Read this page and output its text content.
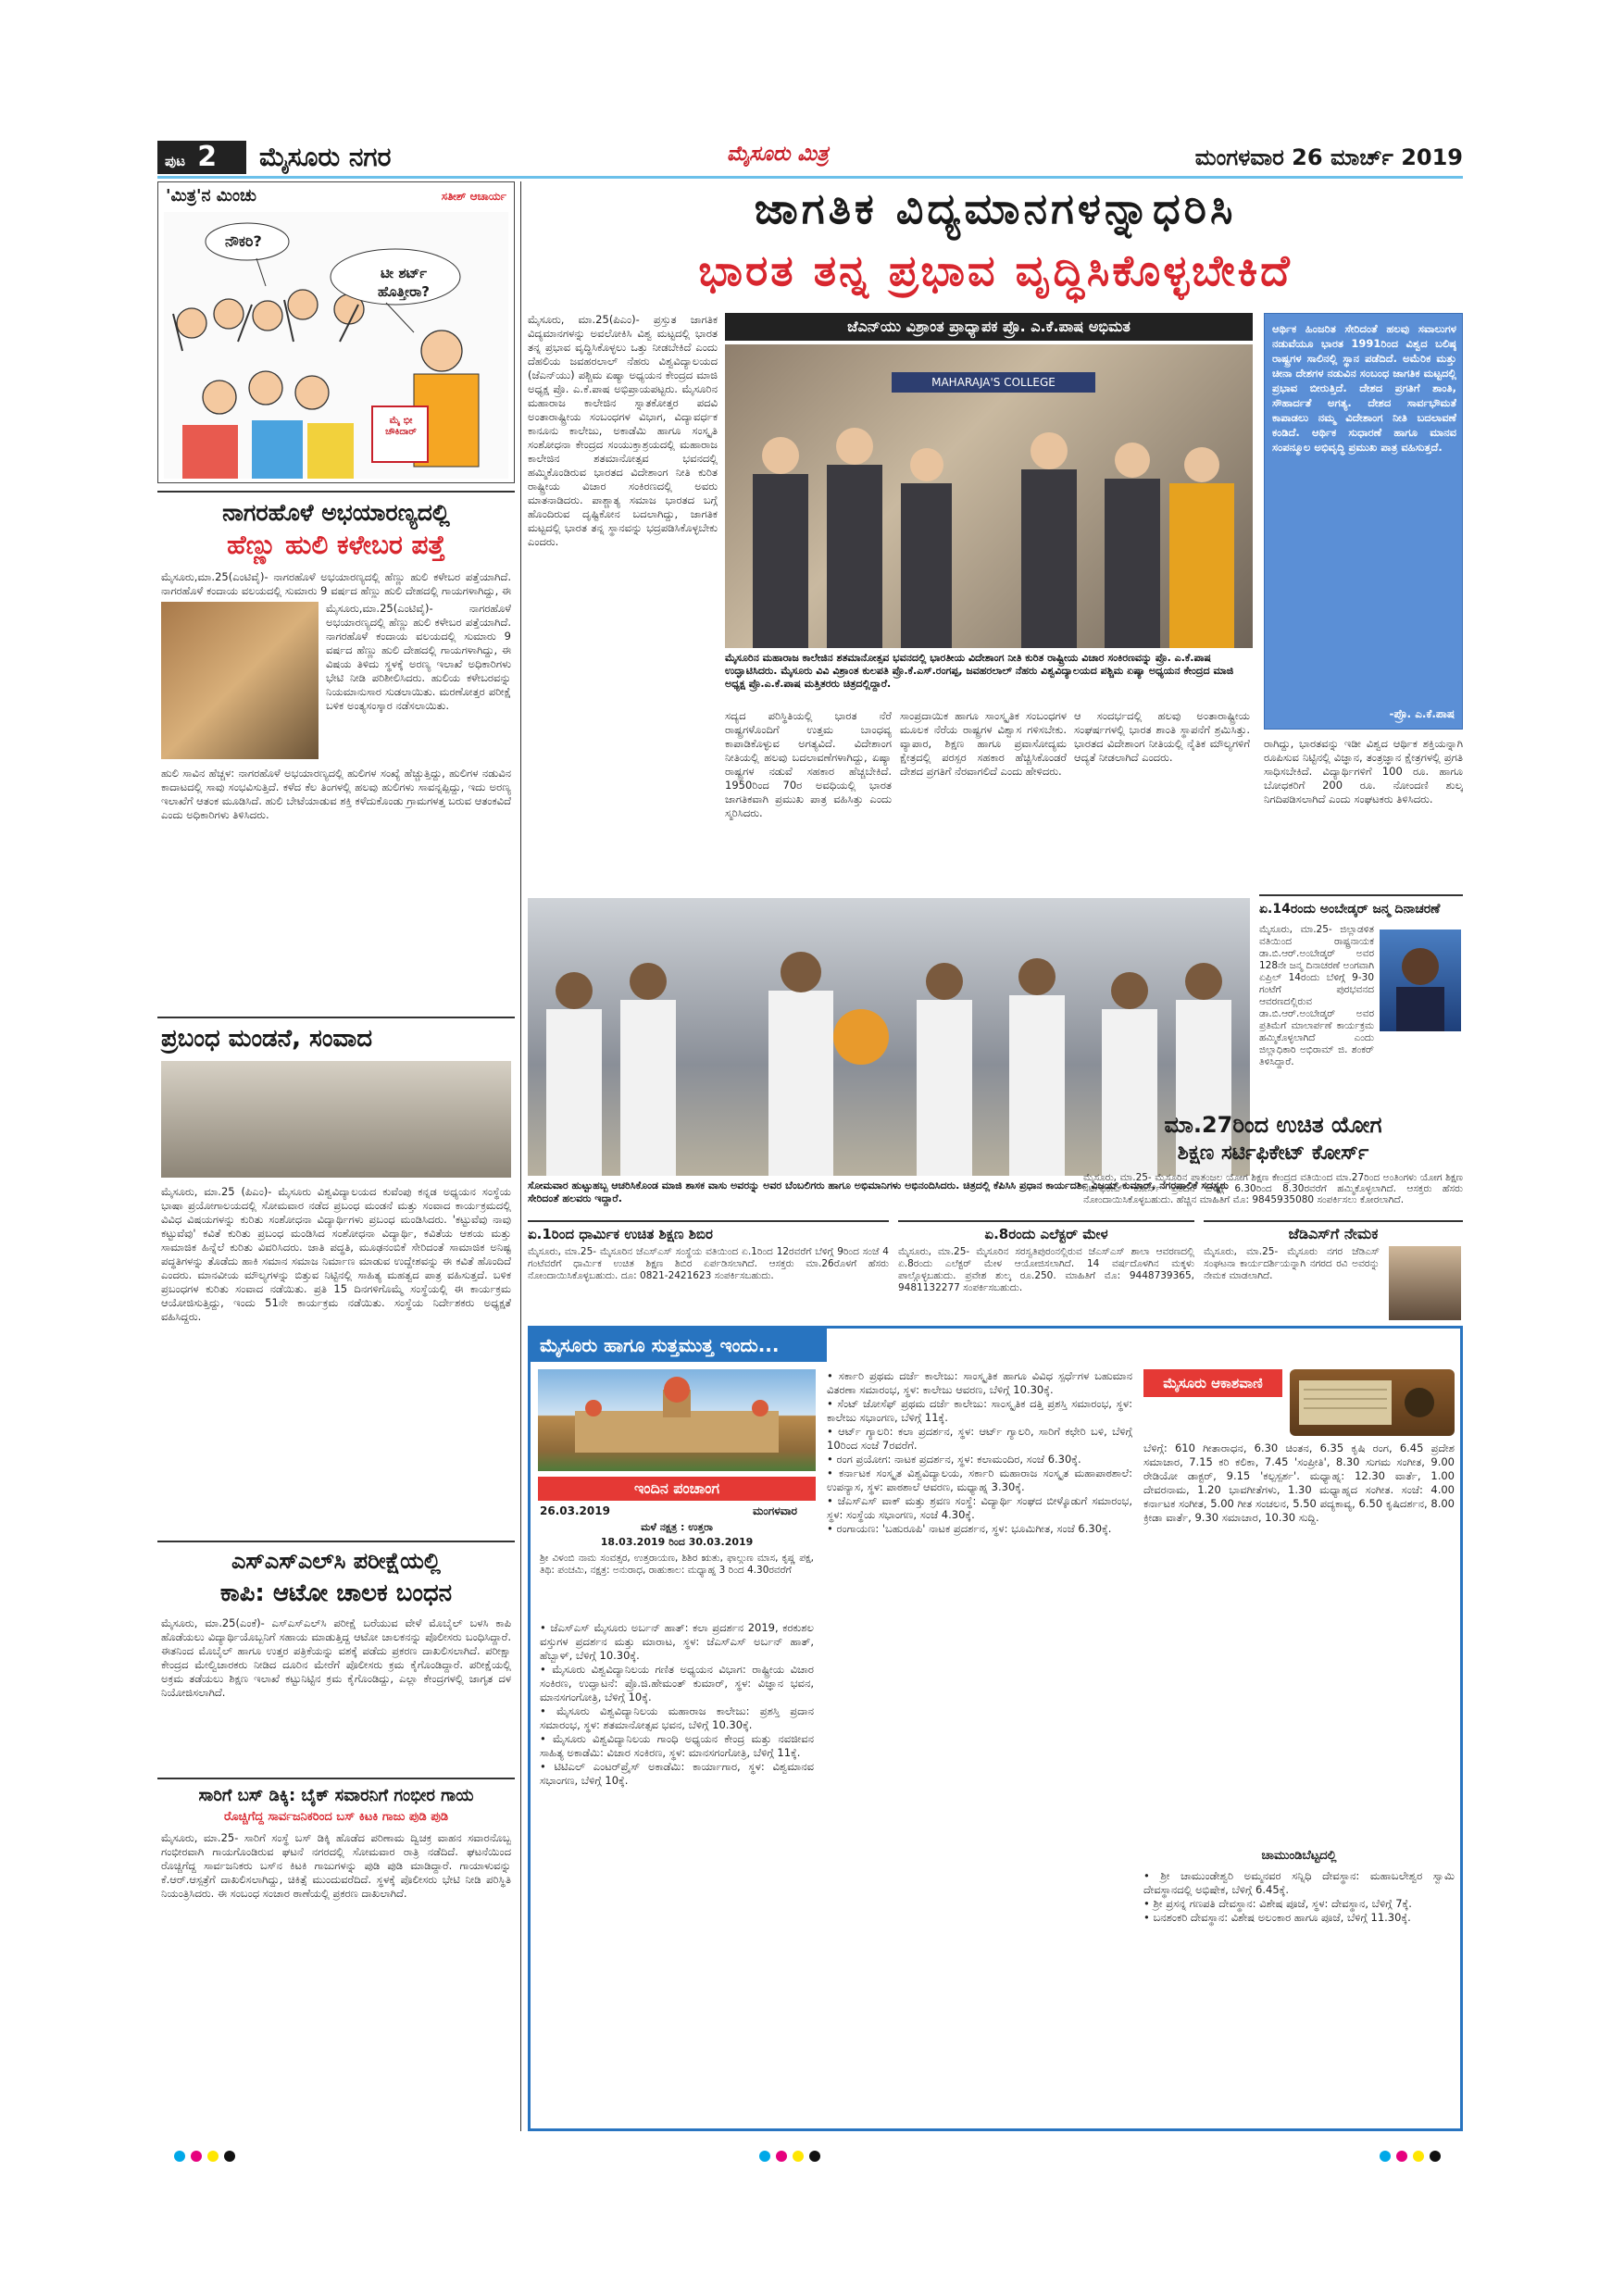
ಪುಟ 2	ಮೈಸೂರು ನಗರ	ಮೈಸೂರು ಮಿತ್ರ	ಮಂಗಳವಾರ 26 ಮಾರ್ಚ್ 2019
'ಮಿತ್ರ'ನ ಮಿಂಚು	ಸತೀಶ್ ಆಚಾರ್ಯ
ನೌಕರಿ?
ಟೀ ಶರ್ಟ್ ಹೊತ್ತೀರಾ?
ಮೈ ಭೀ ಚೌಕಿದಾರ್
ಜಾಗತಿಕ ವಿದ್ಯಮಾನಗಳನ್ನಾಧರಿಸಿ
ಭಾರತ ತನ್ನ ಪ್ರಭಾವ ವೃದ್ಧಿಸಿಕೊಳ್ಳಬೇಕಿದೆ
ಮೈಸೂರು, ಮಾ.25(ಪಿಎಂ)- ಪ್ರಸ್ತುತ ಜಾಗತಿಕ ವಿದ್ಯಮಾನಗಳನ್ನು ಅವಲೋಕಿಸಿ ವಿಶ್ವ ಮಟ್ಟದಲ್ಲಿ ಭಾರತ ತನ್ನ ಪ್ರಭಾವ ವೃದ್ಧಿಸಿಕೊಳ್ಳಲು ಒತ್ತು ನೀಡಬೇಕಿದೆ ಎಂದು ದೆಹಲಿಯ ಜವಹರಲಾಲ್ ನೆಹರು ವಿಶ್ವವಿದ್ಯಾಲಯದ (ಜೆಎನ್‌ಯು) ಪಶ್ಚಿಮ ಏಷ್ಯಾ ಅಧ್ಯಯನ ಕೇಂದ್ರದ ಮಾಜಿ ಅಧ್ಯಕ್ಷ ಪ್ರೊ. ಎ.ಕೆ.ಪಾಷ ಅಭಿಪ್ರಾಯಪಟ್ಟರು. ಮೈಸೂರಿನ ಮಹಾರಾಜ ಕಾಲೇಜಿನ ಸ್ನಾತಕೋತ್ತರ ಪದವಿ ಅಂತಾರಾಷ್ಟ್ರೀಯ ಸಂಬಂಧಗಳ ವಿಭಾಗ, ವಿದ್ಯಾವರ್ಧಕ ಕಾನೂನು ಕಾಲೇಜು, ಅಕಾಡೆಮಿ ಹಾಗೂ ಸಂಸ್ಕೃತಿ ಸಂಶೋಧನಾ ಕೇಂದ್ರದ ಸಂಯುಕ್ತಾಶ್ರಯದಲ್ಲಿ ಮಹಾರಾಜ ಕಾಲೇಜಿನ ಶತಮಾನೋತ್ಸವ ಭವನದಲ್ಲಿ ಹಮ್ಮಿಕೊಂಡಿರುವ ಭಾರತದ ವಿದೇಶಾಂಗ ನೀತಿ ಕುರಿತ ರಾಷ್ಟ್ರೀಯ ವಿಚಾರ ಸಂಕಿರಣದಲ್ಲಿ ಅವರು ಮಾತನಾಡಿದರು. ಪಾಶ್ಚಾತ್ಯ ಸಮಾಜ ಭಾರತದ ಬಗ್ಗೆ ಹೊಂದಿರುವ ದೃಷ್ಟಿಕೋನ ಬದಲಾಗಿದ್ದು, ಜಾಗತಿಕ ಮಟ್ಟದಲ್ಲಿ ಭಾರತ ತನ್ನ ಸ್ಥಾನವನ್ನು ಭದ್ರಪಡಿಸಿಕೊಳ್ಳಬೇಕು ಎಂದರು.
ಜೆಎನ್‌ಯು ವಿಶ್ರಾಂತ ಪ್ರಾಧ್ಯಾಪಕ ಪ್ರೊ. ಎ.ಕೆ.ಪಾಷ ಅಭಿಮತ
MAHARAJA'S COLLEGE
ಮೈಸೂರಿನ ಮಹಾರಾಜ ಕಾಲೇಜಿನ ಶತಮಾನೋತ್ಸವ ಭವನದಲ್ಲಿ ಭಾರತೀಯ ವಿದೇಶಾಂಗ ನೀತಿ ಕುರಿತ ರಾಷ್ಟ್ರೀಯ ವಿಚಾರ ಸಂಕಿರಣವನ್ನು ಪ್ರೊ. ಎ.ಕೆ.ಪಾಷ ಉದ್ಘಾಟಿಸಿದರು. ಮೈಸೂರು ವಿವಿ ವಿಶ್ರಾಂತ ಕುಲಪತಿ ಪ್ರೊ.ಕೆ.ಎಸ್.ರಂಗಪ್ಪ, ಜವಹರಲಾಲ್ ನೆಹರು ವಿಶ್ವವಿದ್ಯಾಲಯದ ಪಶ್ಚಿಮ ಏಷ್ಯಾ ಅಧ್ಯಯನ ಕೇಂದ್ರದ ಮಾಜಿ ಅಧ್ಯಕ್ಷ ಪ್ರೊ.ಎ.ಕೆ.ಪಾಷ ಮತ್ತಿತರರು ಚಿತ್ರದಲ್ಲಿದ್ದಾರೆ.
ಆರ್ಥಿಕ ಹಿಂಜರಿತ ಸೇರಿದಂತೆ ಹಲವು ಸವಾಲುಗಳ ನಡುವೆಯೂ ಭಾರತ 1991ರಿಂದ ವಿಶ್ವದ ಬಲಿಷ್ಠ ರಾಷ್ಟ್ರಗಳ ಸಾಲಿನಲ್ಲಿ ಸ್ಥಾನ ಪಡೆದಿದೆ. ಅಮೆರಿಕ ಮತ್ತು ಚೀನಾ ದೇಶಗಳ ನಡುವಿನ ಸಂಬಂಧ ಜಾಗತಿಕ ಮಟ್ಟದಲ್ಲಿ ಪ್ರಭಾವ ಬೀರುತ್ತಿದೆ. ದೇಶದ ಪ್ರಗತಿಗೆ ಶಾಂತಿ, ಸೌಹಾರ್ದತೆ ಅಗತ್ಯ. ದೇಶದ ಸಾರ್ವಭೌಮತೆ ಕಾಪಾಡಲು ನಮ್ಮ ವಿದೇಶಾಂಗ ನೀತಿ ಬದಲಾವಣೆ ಕಂಡಿದೆ. ಆರ್ಥಿಕ ಸುಧಾರಣೆ ಹಾಗೂ ಮಾನವ ಸಂಪನ್ಮೂಲ ಅಭಿವೃದ್ಧಿ ಪ್ರಮುಖ ಪಾತ್ರ ವಹಿಸುತ್ತದೆ.
-ಪ್ರೊ. ಎ.ಕೆ.ಪಾಷ
ಸದ್ಯದ ಪರಿಸ್ಥಿತಿಯಲ್ಲಿ ಭಾರತ ನೆರೆ ರಾಷ್ಟ್ರಗಳೊಂದಿಗೆ ಉತ್ತಮ ಬಾಂಧವ್ಯ ಕಾಪಾಡಿಕೊಳ್ಳುವ ಅಗತ್ಯವಿದೆ. ವಿದೇಶಾಂಗ ನೀತಿಯಲ್ಲಿ ಹಲವು ಬದಲಾವಣೆಗಳಾಗಿದ್ದು, ಏಷ್ಯಾ ರಾಷ್ಟ್ರಗಳ ನಡುವೆ ಸಹಕಾರ ಹೆಚ್ಚಬೇಕಿದೆ. 1950ರಿಂದ 70ರ ಅವಧಿಯಲ್ಲಿ ಭಾರತ ಜಾಗತಿಕವಾಗಿ ಪ್ರಮುಖ ಪಾತ್ರ ವಹಿಸಿತ್ತು ಎಂದು ಸ್ಮರಿಸಿದರು.
ಸಾಂಪ್ರದಾಯಿಕ ಹಾಗೂ ಸಾಂಸ್ಕೃತಿಕ ಸಂಬಂಧಗಳ ಮೂಲಕ ನೆರೆಯ ರಾಷ್ಟ್ರಗಳ ವಿಶ್ವಾಸ ಗಳಿಸಬೇಕು. ವ್ಯಾಪಾರ, ಶಿಕ್ಷಣ ಹಾಗೂ ಪ್ರವಾಸೋದ್ಯಮ ಕ್ಷೇತ್ರದಲ್ಲಿ ಪರಸ್ಪರ ಸಹಕಾರ ಹೆಚ್ಚಿಸಿಕೊಂಡರೆ ದೇಶದ ಪ್ರಗತಿಗೆ ನೆರವಾಗಲಿದೆ ಎಂದು ಹೇಳಿದರು.
ಆ ಸಂದರ್ಭದಲ್ಲಿ ಹಲವು ಅಂತಾರಾಷ್ಟ್ರೀಯ ಸಂಘರ್ಷಗಳಲ್ಲಿ ಭಾರತ ಶಾಂತಿ ಸ್ಥಾಪನೆಗೆ ಶ್ರಮಿಸಿತ್ತು. ಭಾರತದ ವಿದೇಶಾಂಗ ನೀತಿಯಲ್ಲಿ ನೈತಿಕ ಮೌಲ್ಯಗಳಿಗೆ ಆದ್ಯತೆ ನೀಡಲಾಗಿದೆ ಎಂದರು.
ರಾಗಿದ್ದು, ಭಾರತವನ್ನು ಇಡೀ ವಿಶ್ವದ ಆರ್ಥಿಕ ಶಕ್ತಿಯನ್ನಾಗಿ ರೂಪಿಸುವ ನಿಟ್ಟಿನಲ್ಲಿ ವಿಜ್ಞಾನ, ತಂತ್ರಜ್ಞಾನ ಕ್ಷೇತ್ರಗಳಲ್ಲಿ ಪ್ರಗತಿ ಸಾಧಿಸಬೇಕಿದೆ. ವಿದ್ಯಾರ್ಥಿಗಳಿಗೆ 100 ರೂ. ಹಾಗೂ ಬೋಧಕರಿಗೆ 200 ರೂ. ನೋಂದಣಿ ಶುಲ್ಕ ನಿಗದಿಪಡಿಸಲಾಗಿದೆ ಎಂದು ಸಂಘಟಕರು ತಿಳಿಸಿದರು.
ನಾಗರಹೊಳೆ ಅಭಯಾರಣ್ಯದಲ್ಲಿ
ಹೆಣ್ಣು ಹುಲಿ ಕಳೇಬರ ಪತ್ತೆ
ಮೈಸೂರು,ಮಾ.25(ಎಂಟಿವೈ)- ನಾಗರಹೊಳೆ ಅಭಯಾರಣ್ಯದಲ್ಲಿ ಹೆಣ್ಣು ಹುಲಿ ಕಳೇಬರ ಪತ್ತೆಯಾಗಿದೆ. ನಾಗರಹೊಳೆ ಕಂದಾಯ ವಲಯದಲ್ಲಿ ಸುಮಾರು 9 ವರ್ಷದ ಹೆಣ್ಣು ಹುಲಿ ದೇಹದಲ್ಲಿ ಗಾಯಗಳಾಗಿದ್ದು, ಈ
ಮೈಸೂರು,ಮಾ.25(ಎಂಟಿವೈ)- ನಾಗರಹೊಳೆ ಅಭಯಾರಣ್ಯದಲ್ಲಿ ಹೆಣ್ಣು ಹುಲಿ ಕಳೇಬರ ಪತ್ತೆಯಾಗಿದೆ. ನಾಗರಹೊಳೆ ಕಂದಾಯ ವಲಯದಲ್ಲಿ ಸುಮಾರು 9 ವರ್ಷದ ಹೆಣ್ಣು ಹುಲಿ ದೇಹದಲ್ಲಿ ಗಾಯಗಳಾಗಿದ್ದು, ಈ ವಿಷಯ ತಿಳಿದು ಸ್ಥಳಕ್ಕೆ ಅರಣ್ಯ ಇಲಾಖೆ ಅಧಿಕಾರಿಗಳು ಭೇಟಿ ನೀಡಿ ಪರಿಶೀಲಿಸಿದರು. ಹುಲಿಯ ಕಳೇಬರವನ್ನು ನಿಯಮಾನುಸಾರ ಸುಡಲಾಯಿತು. ಮರಣೋತ್ತರ ಪರೀಕ್ಷೆ ಬಳಿಕ ಅಂತ್ಯಸಂಸ್ಕಾರ ನಡೆಸಲಾಯಿತು.
ಹುಲಿ ಸಾವಿನ ಹೆಚ್ಚಳ: ನಾಗರಹೊಳೆ ಅಭಯಾರಣ್ಯದಲ್ಲಿ ಹುಲಿಗಳ ಸಂಖ್ಯೆ ಹೆಚ್ಚುತ್ತಿದ್ದು, ಹುಲಿಗಳ ನಡುವಿನ ಕಾದಾಟದಲ್ಲಿ ಸಾವು ಸಂಭವಿಸುತ್ತಿದೆ. ಕಳೆದ ಕೆಲ ತಿಂಗಳಲ್ಲಿ ಹಲವು ಹುಲಿಗಳು ಸಾವನ್ನಪ್ಪಿದ್ದು, ಇದು ಅರಣ್ಯ ಇಲಾಖೆಗೆ ಆತಂಕ ಮೂಡಿಸಿದೆ. ಹುಲಿ ಬೇಟೆಯಾಡುವ ಶಕ್ತಿ ಕಳೆದುಕೊಂಡು ಗ್ರಾಮಗಳತ್ತ ಬರುವ ಆತಂಕವಿದೆ ಎಂದು ಅಧಿಕಾರಿಗಳು ತಿಳಿಸಿದರು.
ಪ್ರಬಂಧ ಮಂಡನೆ, ಸಂವಾದ
ಮೈಸೂರು, ಮಾ.25 (ಪಿಎಂ)- ಮೈಸೂರು ವಿಶ್ವವಿದ್ಯಾಲಯದ ಕುವೆಂಪು ಕನ್ನಡ ಅಧ್ಯಯನ ಸಂಸ್ಥೆಯ ಭಾಷಾ ಪ್ರಯೋಗಾಲಯದಲ್ಲಿ ಸೋಮವಾರ ನಡೆದ ಪ್ರಬಂಧ ಮಂಡನೆ ಮತ್ತು ಸಂವಾದ ಕಾರ್ಯಕ್ರಮದಲ್ಲಿ ವಿವಿಧ ವಿಷಯಗಳನ್ನು ಕುರಿತು ಸಂಶೋಧನಾ ವಿದ್ಯಾರ್ಥಿಗಳು ಪ್ರಬಂಧ ಮಂಡಿಸಿದರು. 'ಕಟ್ಟುವೆವು ನಾವು ಕಟ್ಟುವೆವು' ಕವಿತೆ ಕುರಿತು ಪ್ರಬಂಧ ಮಂಡಿಸಿದ ಸಂಶೋಧನಾ ವಿದ್ಯಾರ್ಥಿ, ಕವಿತೆಯ ಆಶಯ ಮತ್ತು ಸಾಮಾಜಿಕ ಹಿನ್ನೆಲೆ ಕುರಿತು ವಿವರಿಸಿದರು. ಜಾತಿ ಪದ್ಧತಿ, ಮೂಢನಂಬಿಕೆ ಸೇರಿದಂತೆ ಸಾಮಾಜಿಕ ಅನಿಷ್ಟ ಪದ್ಧತಿಗಳನ್ನು ತೊಡೆದು ಹಾಕಿ ಸಮಾನ ಸಮಾಜ ನಿರ್ಮಾಣ ಮಾಡುವ ಉದ್ದೇಶವನ್ನು ಈ ಕವಿತೆ ಹೊಂದಿದೆ ಎಂದರು. ಮಾನವೀಯ ಮೌಲ್ಯಗಳನ್ನು ಬಿತ್ತುವ ನಿಟ್ಟಿನಲ್ಲಿ ಸಾಹಿತ್ಯ ಮಹತ್ವದ ಪಾತ್ರ ವಹಿಸುತ್ತದೆ. ಬಳಿಕ ಪ್ರಬಂಧಗಳ ಕುರಿತು ಸಂವಾದ ನಡೆಯಿತು. ಪ್ರತಿ 15 ದಿನಗಳಿಗೊಮ್ಮೆ ಸಂಸ್ಥೆಯಲ್ಲಿ ಈ ಕಾರ್ಯಕ್ರಮ ಆಯೋಜಿಸುತ್ತಿದ್ದು, ಇಂದು 51ನೇ ಕಾರ್ಯಕ್ರಮ ನಡೆಯಿತು. ಸಂಸ್ಥೆಯ ನಿರ್ದೇಶಕರು ಅಧ್ಯಕ್ಷತೆ ವಹಿಸಿದ್ದರು.
ಎಸ್‌ಎಸ್‌ಎಲ್‌ಸಿ ಪರೀಕ್ಷೆಯಲ್ಲಿ
ಕಾಪಿ: ಆಟೋ ಚಾಲಕ ಬಂಧನ
ಮೈಸೂರು, ಮಾ.25(ಎಂಕೆ)- ಎಸ್‌ಎಸ್‌ಎಲ್‌ಸಿ ಪರೀಕ್ಷೆ ಬರೆಯುವ ವೇಳೆ ಮೊಬೈಲ್ ಬಳಸಿ ಕಾಪಿ ಹೊಡೆಯಲು ವಿದ್ಯಾರ್ಥಿಯೊಬ್ಬನಿಗೆ ಸಹಾಯ ಮಾಡುತ್ತಿದ್ದ ಆಟೋ ಚಾಲಕನನ್ನು ಪೊಲೀಸರು ಬಂಧಿಸಿದ್ದಾರೆ. ಈತನಿಂದ ಮೊಬೈಲ್ ಹಾಗೂ ಉತ್ತರ ಪತ್ರಿಕೆಯನ್ನು ವಶಕ್ಕೆ ಪಡೆದು ಪ್ರಕರಣ ದಾಖಲಿಸಲಾಗಿದೆ. ಪರೀಕ್ಷಾ ಕೇಂದ್ರದ ಮೇಲ್ವಿಚಾರಕರು ನೀಡಿದ ದೂರಿನ ಮೇರೆಗೆ ಪೊಲೀಸರು ಕ್ರಮ ಕೈಗೊಂಡಿದ್ದಾರೆ. ಪರೀಕ್ಷೆಯಲ್ಲಿ ಅಕ್ರಮ ತಡೆಯಲು ಶಿಕ್ಷಣ ಇಲಾಖೆ ಕಟ್ಟುನಿಟ್ಟಿನ ಕ್ರಮ ಕೈಗೊಂಡಿದ್ದು, ಎಲ್ಲಾ ಕೇಂದ್ರಗಳಲ್ಲಿ ಜಾಗೃತ ದಳ ನಿಯೋಜಿಸಲಾಗಿದೆ.
ಸಾರಿಗೆ ಬಸ್ ಡಿಕ್ಕಿ: ಬೈಕ್ ಸವಾರನಿಗೆ ಗಂಭೀರ ಗಾಯ
ರೊಚ್ಚಿಗೆದ್ದ ಸಾರ್ವಜನಿಕರಿಂದ ಬಸ್ ಕಿಟಕಿ ಗಾಜು ಪುಡಿ ಪುಡಿ
ಮೈಸೂರು, ಮಾ.25- ಸಾರಿಗೆ ಸಂಸ್ಥೆ ಬಸ್ ಡಿಕ್ಕಿ ಹೊಡೆದ ಪರಿಣಾಮ ದ್ವಿಚಕ್ರ ವಾಹನ ಸವಾರನೊಬ್ಬ ಗಂಭೀರವಾಗಿ ಗಾಯಗೊಂಡಿರುವ ಘಟನೆ ನಗರದಲ್ಲಿ ಸೋಮವಾರ ರಾತ್ರಿ ನಡೆದಿದೆ. ಘಟನೆಯಿಂದ ರೊಚ್ಚಿಗೆದ್ದ ಸಾರ್ವಜನಿಕರು ಬಸ್‌ನ ಕಿಟಕಿ ಗಾಜುಗಳನ್ನು ಪುಡಿ ಪುಡಿ ಮಾಡಿದ್ದಾರೆ. ಗಾಯಾಳುವನ್ನು ಕೆ.ಆರ್.ಆಸ್ಪತ್ರೆಗೆ ದಾಖಲಿಸಲಾಗಿದ್ದು, ಚಿಕಿತ್ಸೆ ಮುಂದುವರೆದಿದೆ. ಸ್ಥಳಕ್ಕೆ ಪೊಲೀಸರು ಭೇಟಿ ನೀಡಿ ಪರಿಸ್ಥಿತಿ ನಿಯಂತ್ರಿಸಿದರು. ಈ ಸಂಬಂಧ ಸಂಚಾರ ಠಾಣೆಯಲ್ಲಿ ಪ್ರಕರಣ ದಾಖಲಾಗಿದೆ.
ಸೋಮವಾರ ಹುಟ್ಟುಹಬ್ಬ ಆಚರಿಸಿಕೊಂಡ ಮಾಜಿ ಶಾಸಕ ವಾಸು ಅವರನ್ನು ಅವರ ಬೆಂಬಲಿಗರು ಹಾಗೂ ಅಭಿಮಾನಿಗಳು ಅಭಿನಂದಿಸಿದರು. ಚಿತ್ರದಲ್ಲಿ ಕೆಪಿಸಿಸಿ ಪ್ರಧಾನ ಕಾರ್ಯದರ್ಶಿ ವಿಜಯ್ ಕುಮಾರ್, ನಗರಪಾಲಿಕೆ ಸದಸ್ಯರು ಸೇರಿದಂತೆ ಹಲವರು ಇದ್ದಾರೆ.
ಏ.14ರಂದು ಅಂಬೇಡ್ಕರ್ ಜನ್ಮ ದಿನಾಚರಣೆ
ಮೈಸೂರು, ಮಾ.25- ಜಿಲ್ಲಾಡಳಿತ ವತಿಯಿಂದ ರಾಷ್ಟ್ರನಾಯಕ ಡಾ.ಬಿ.ಆರ್.ಅಂಬೇಡ್ಕರ್ ಅವರ 128ನೇ ಜನ್ಮ ದಿನಾಚರಣೆ ಅಂಗವಾಗಿ ಏಪ್ರಿಲ್ 14ರಂದು ಬೆಳಿಗ್ಗೆ 9-30 ಗಂಟೆಗೆ ಪುರಭವನದ ಆವರಣದಲ್ಲಿರುವ ಡಾ.ಬಿ.ಆರ್.ಅಂಬೇಡ್ಕರ್ ಅವರ ಪ್ರತಿಮೆಗೆ ಮಾಲಾರ್ಪಣೆ ಕಾರ್ಯಕ್ರಮ ಹಮ್ಮಿಕೊಳ್ಳಲಾಗಿದೆ ಎಂದು ಜಿಲ್ಲಾಧಿಕಾರಿ ಅಭಿರಾಮ್ ಜಿ. ಶಂಕರ್ ತಿಳಿಸಿದ್ದಾರೆ.
ಮಾ.27ರಿಂದ ಉಚಿತ ಯೋಗ
ಶಿಕ್ಷಣ ಸರ್ಟಿಫಿಕೇಟ್ ಕೋರ್ಸ್
ಮೈಸೂರು, ಮಾ.25- ಮೈಸೂರಿನ ಪಾತಂಜಲ ಯೋಗ ಶಿಕ್ಷಣ ಕೇಂದ್ರದ ವತಿಯಿಂದ ಮಾ.27ರಿಂದ ಅಂತಿಂಗಳು ಯೋಗ ಶಿಕ್ಷಣ ಸರ್ಟಿಫಿಕೇಟ್ ಕೋರ್ಸ್ ಪ್ರತಿದಿನ ಬೆಳಿಗ್ಗೆ 6.30ರಿಂದ 8.30ರವರೆಗೆ ಹಮ್ಮಿಕೊಳ್ಳಲಾಗಿದೆ. ಆಸಕ್ತರು ಹೆಸರು ನೋಂದಾಯಿಸಿಕೊಳ್ಳಬಹುದು. ಹೆಚ್ಚಿನ ಮಾಹಿತಿಗೆ ಮೊ: 9845935080 ಸಂಪರ್ಕಿಸಲು ಕೋರಲಾಗಿದೆ.
ಏ.1ರಿಂದ ಧಾರ್ಮಿಕ ಉಚಿತ ಶಿಕ್ಷಣ ಶಿಬಿರ
ಮೈಸೂರು, ಮಾ.25- ಮೈಸೂರಿನ ಜೆಎಸ್‌ಎಸ್ ಸಂಸ್ಥೆಯ ವತಿಯಿಂದ ಏ.1ರಿಂದ 12ರವರೆಗೆ ಬೆಳಿಗ್ಗೆ 9ರಿಂದ ಸಂಜೆ 4 ಗಂಟೆವರೆಗೆ ಧಾರ್ಮಿಕ ಉಚಿತ ಶಿಕ್ಷಣ ಶಿಬಿರ ಏರ್ಪಡಿಸಲಾಗಿದೆ. ಆಸಕ್ತರು ಮಾ.26ರೊಳಗೆ ಹೆಸರು ನೋಂದಾಯಿಸಿಕೊಳ್ಳಬಹುದು. ದೂ: 0821-2421623 ಸಂಪರ್ಕಿಸಬಹುದು.
ಏ.8ರಂದು ಎಲೆಕ್ಟರ್ ಮೇಳ
ಮೈಸೂರು, ಮಾ.25- ಮೈಸೂರಿನ ಸರಸ್ವತಿಪುರಂನಲ್ಲಿರುವ ಜೆಎಸ್‌ಎಸ್ ಶಾಲಾ ಆವರಣದಲ್ಲಿ ಏ.8ರಂದು ಎಲೆಕ್ಟರ್ ಮೇಳ ಆಯೋಜಿಸಲಾಗಿದೆ. 14 ವರ್ಷದೊಳಗಿನ ಮಕ್ಕಳು ಪಾಲ್ಗೊಳ್ಳಬಹುದು. ಪ್ರವೇಶ ಶುಲ್ಕ ರೂ.250. ಮಾಹಿತಿಗೆ ಮೊ: 9448739365, 9481132277 ಸಂಪರ್ಕಿಸಬಹುದು.
ಜೆಡಿಎಸ್‌ಗೆ ನೇಮಕ
ಮೈಸೂರು, ಮಾ.25- ಮೈಸೂರು ನಗರ ಜೆಡಿಎಸ್ ಸಂಘಟನಾ ಕಾರ್ಯದರ್ಶಿಯನ್ನಾಗಿ ನಗರದ ರವಿ ಅವರನ್ನು ನೇಮಕ ಮಾಡಲಾಗಿದೆ.
ಮೈಸೂರು ಹಾಗೂ ಸುತ್ತಮುತ್ತ ಇಂದು...
ಇಂದಿನ ಪಂಚಾಂಗ
26.03.2019	ಮಂಗಳವಾರ
ಮಳೆ ನಕ್ಷತ್ರ : ಉತ್ತರಾ
18.03.2019 ರಿಂದ 30.03.2019
ಶ್ರೀ ವಿಳಂಬಿ ನಾಮ ಸಂವತ್ಸರ, ಉತ್ತರಾಯಣ, ಶಿಶಿರ ಋತು, ಫಾಲ್ಗುಣ ಮಾಸ, ಕೃಷ್ಣ ಪಕ್ಷ, ತಿಥಿ: ಪಂಚಮಿ, ನಕ್ಷತ್ರ: ಅನುರಾಧ, ರಾಹುಕಾಲ: ಮಧ್ಯಾಹ್ನ 3 ರಿಂದ 4.30ರವರೆಗೆ
• ಜೆಎಸ್‌ಎಸ್ ಮೈಸೂರು ಅರ್ಬನ್ ಹಾತ್: ಕಲಾ ಪ್ರದರ್ಶನ 2019, ಕರಕುಶಲ ವಸ್ತುಗಳ ಪ್ರದರ್ಶನ ಮತ್ತು ಮಾರಾಟ, ಸ್ಥಳ: ಜೆಎಸ್‌ಎಸ್ ಅರ್ಬನ್ ಹಾತ್, ಹೆಬ್ಬಾಳ್, ಬೆಳಿಗ್ಗೆ 10.30ಕ್ಕೆ.
• ಮೈಸೂರು ವಿಶ್ವವಿದ್ಯಾನಿಲಯ ಗಣಿತ ಅಧ್ಯಯನ ವಿಭಾಗ: ರಾಷ್ಟ್ರೀಯ ವಿಚಾರ ಸಂಕಿರಣ, ಉದ್ಘಾಟನೆ: ಪ್ರೊ.ಜಿ.ಹೇಮಂತ್ ಕುಮಾರ್, ಸ್ಥಳ: ವಿಜ್ಞಾನ ಭವನ, ಮಾನಸಗಂಗೋತ್ರಿ, ಬೆಳಿಗ್ಗೆ 10ಕ್ಕೆ.
• ಮೈಸೂರು ವಿಶ್ವವಿದ್ಯಾನಿಲಯ ಮಹಾರಾಜ ಕಾಲೇಜು: ಪ್ರಶಸ್ತಿ ಪ್ರದಾನ ಸಮಾರಂಭ, ಸ್ಥಳ: ಶತಮಾನೋತ್ಸವ ಭವನ, ಬೆಳಿಗ್ಗೆ 10.30ಕ್ಕೆ.
• ಮೈಸೂರು ವಿಶ್ವವಿದ್ಯಾನಿಲಯ ಗಾಂಧಿ ಅಧ್ಯಯನ ಕೇಂದ್ರ ಮತ್ತು ನವಜೀವನ ಸಾಹಿತ್ಯ ಅಕಾಡೆಮಿ: ವಿಚಾರ ಸಂಕಿರಣ, ಸ್ಥಳ: ಮಾನಸಗಂಗೋತ್ರಿ, ಬೆಳಿಗ್ಗೆ 11ಕ್ಕೆ.
• ಟಿಟಿಎಲ್ ಎಂಟರ್‌ಪ್ರೈಸ್ ಅಕಾಡೆಮಿ: ಕಾರ್ಯಾಗಾರ, ಸ್ಥಳ: ವಿಶ್ವಮಾನವ ಸಭಾಂಗಣ, ಬೆಳಿಗ್ಗೆ 10ಕ್ಕೆ.
• ಸರ್ಕಾರಿ ಪ್ರಥಮ ದರ್ಜೆ ಕಾಲೇಜು: ಸಾಂಸ್ಕೃತಿಕ ಹಾಗೂ ವಿವಿಧ ಸ್ಪರ್ಧೆಗಳ ಬಹುಮಾನ ವಿತರಣಾ ಸಮಾರಂಭ, ಸ್ಥಳ: ಕಾಲೇಜು ಆವರಣ, ಬೆಳಿಗ್ಗೆ 10.30ಕ್ಕೆ.
• ಸೆಂಟ್ ಜೋಸೆಫ್ ಪ್ರಥಮ ದರ್ಜೆ ಕಾಲೇಜು: ಸಾಂಸ್ಕೃತಿಕ ದತ್ತಿ ಪ್ರಶಸ್ತಿ ಸಮಾರಂಭ, ಸ್ಥಳ: ಕಾಲೇಜು ಸಭಾಂಗಣ, ಬೆಳಿಗ್ಗೆ 11ಕ್ಕೆ.
• ಆರ್ಟ್ ಗ್ಯಾಲರಿ: ಕಲಾ ಪ್ರದರ್ಶನ, ಸ್ಥಳ: ಆರ್ಟ್ ಗ್ಯಾಲರಿ, ಸಾರಿಗೆ ಕಛೇರಿ ಬಳಿ, ಬೆಳಿಗ್ಗೆ 10ರಿಂದ ಸಂಜೆ 7ರವರೆಗೆ.
• ರಂಗ ಪ್ರಯೋಗ: ನಾಟಕ ಪ್ರದರ್ಶನ, ಸ್ಥಳ: ಕಲಾಮಂದಿರ, ಸಂಜೆ 6.30ಕ್ಕೆ.
• ಕರ್ನಾಟಕ ಸಂಸ್ಕೃತ ವಿಶ್ವವಿದ್ಯಾಲಯ, ಸರ್ಕಾರಿ ಮಹಾರಾಜ ಸಂಸ್ಕೃತ ಮಹಾಪಾಠಶಾಲೆ: ಉಪನ್ಯಾಸ, ಸ್ಥಳ: ಪಾಠಶಾಲೆ ಆವರಣ, ಮಧ್ಯಾಹ್ನ 3.30ಕ್ಕೆ.
• ಜೆಎಸ್‌ಎಸ್ ವಾಕ್ ಮತ್ತು ಶ್ರವಣ ಸಂಸ್ಥೆ: ವಿದ್ಯಾರ್ಥಿ ಸಂಘದ ಬೀಳ್ಕೊಡುಗೆ ಸಮಾರಂಭ, ಸ್ಥಳ: ಸಂಸ್ಥೆಯ ಸಭಾಂಗಣ, ಸಂಜೆ 4.30ಕ್ಕೆ.
• ರಂಗಾಯಣ: 'ಬಹುರೂಪಿ' ನಾಟಕ ಪ್ರದರ್ಶನ, ಸ್ಥಳ: ಭೂಮಿಗೀತ, ಸಂಜೆ 6.30ಕ್ಕೆ.
ಮೈಸೂರು ಆಕಾಶವಾಣಿ
ಬೆಳಿಗ್ಗೆ: 610 ಗೀತಾರಾಧನ, 6.30 ಚಿಂತನ, 6.35 ಕೃಷಿ ರಂಗ, 6.45 ಪ್ರದೇಶ ಸಮಾಚಾರ, 7.15 ಕರಿ ಕಲಿಕಾ, 7.45 'ಸಂಪ್ರೀತಿ', 8.30 ಸುಗಮ ಸಂಗೀತ, 9.00 ರೇಡಿಯೋ ಡಾಕ್ಟರ್, 9.15 'ಕಲ್ಪಸ್ಪರ್ಶ'. ಮಧ್ಯಾಹ್ನ: 12.30 ವಾರ್ತೆ, 1.00 ದೇವರನಾಮ, 1.20 ಭಾವಗೀತೆಗಳು, 1.30 ಮಧ್ಯಾಹ್ನದ ಸಂಗೀತ. ಸಂಜೆ: 4.00 ಕರ್ನಾಟಕ ಸಂಗೀತ, 5.00 ಗೀತ ಸಂಚಲನ, 5.50 ಪದ್ಯಕಾವ್ಯ, 6.50 ಕೃಷಿದರ್ಶನ, 8.00 ಕ್ರೀಡಾ ವಾರ್ತೆ, 9.30 ಸಮಾಚಾರ, 10.30 ಸುದ್ದಿ.
ಚಾಮುಂಡಿಬೆಟ್ಟದಲ್ಲಿ
• ಶ್ರೀ ಚಾಮುಂಡೇಶ್ವರಿ ಅಮ್ಮನವರ ಸನ್ನಿಧಿ ದೇವಸ್ಥಾನ: ಮಹಾಬಲೇಶ್ವರ ಸ್ವಾಮಿ ದೇವಸ್ಥಾನದಲ್ಲಿ ಅಭಿಷೇಕ, ಬೆಳಿಗ್ಗೆ 6.45ಕ್ಕೆ.
• ಶ್ರೀ ಪ್ರಸನ್ನ ಗಣಪತಿ ದೇವಸ್ಥಾನ: ವಿಶೇಷ ಪೂಜೆ, ಸ್ಥಳ: ದೇವಸ್ಥಾನ, ಬೆಳಿಗ್ಗೆ 7ಕ್ಕೆ.
• ಬನಶಂಕರಿ ದೇವಸ್ಥಾನ: ವಿಶೇಷ ಅಲಂಕಾರ ಹಾಗೂ ಪೂಜೆ, ಬೆಳಿಗ್ಗೆ 11.30ಕ್ಕೆ.
